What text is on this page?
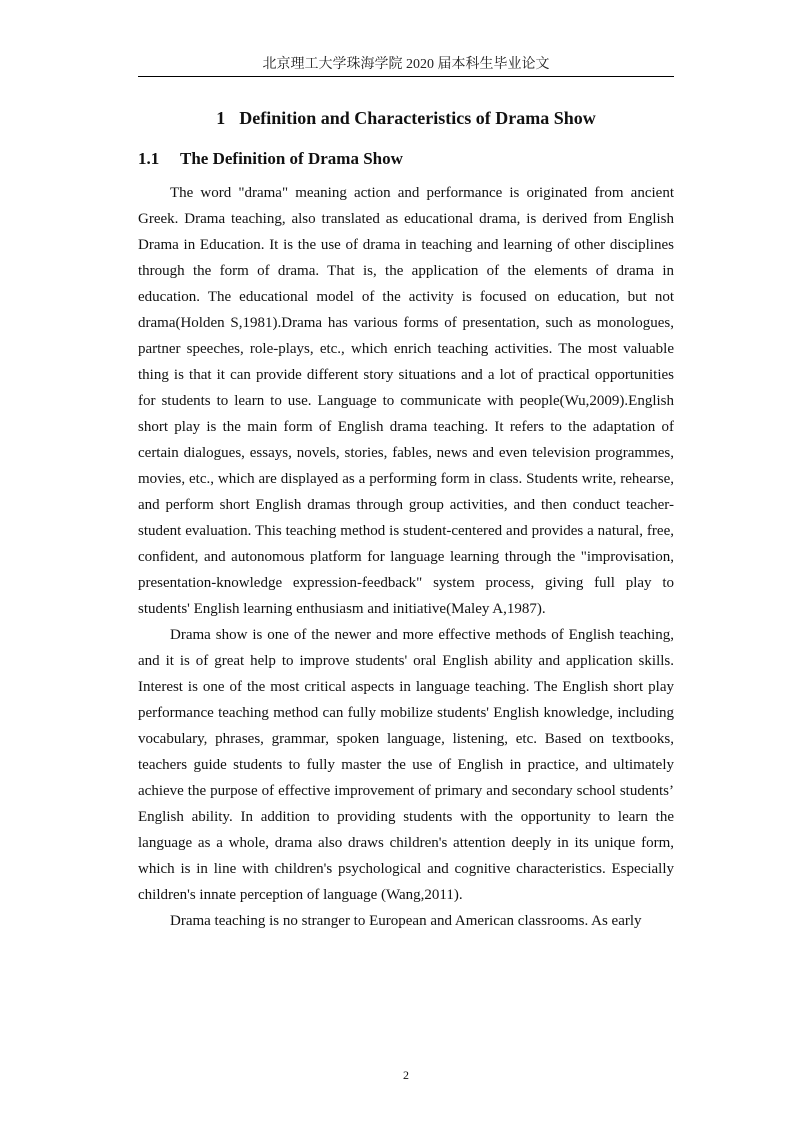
北京理工大学珠海学院 2020 届本科生毕业论文
1 Definition and Characteristics of Drama Show
1.1 The Definition of Drama Show

The word "drama" meaning action and performance is originated from ancient Greek. Drama teaching, also translated as educational drama, is derived from English Drama in Education. It is the use of drama in teaching and learning of other disciplines through the form of drama. That is, the application of the elements of drama in education. The educational model of the activity is focused on education, but not drama(Holden S,1981).Drama has various forms of presentation, such as monologues, partner speeches, role-plays, etc., which enrich teaching activities. The most valuable thing is that it can provide different story situations and a lot of practical opportunities for students to learn to use. Language to communicate with people(Wu,2009).English short play is the main form of English drama teaching. It refers to the adaptation of certain dialogues, essays, novels, stories, fables, news and even television programmes, movies, etc., which are displayed as a performing form in class. Students write, rehearse, and perform short English dramas through group activities, and then conduct teacher-student evaluation. This teaching method is student-centered and provides a natural, free, confident, and autonomous platform for language learning through the "improvisation, presentation-knowledge expression-feedback" system process, giving full play to students' English learning enthusiasm and initiative(Maley A,1987).

Drama show is one of the newer and more effective methods of English teaching, and it is of great help to improve students' oral English ability and application skills. Interest is one of the most critical aspects in language teaching. The English short play performance teaching method can fully mobilize students' English knowledge, including vocabulary, phrases, grammar, spoken language, listening, etc. Based on textbooks, teachers guide students to fully master the use of English in practice, and ultimately achieve the purpose of effective improvement of primary and secondary school students’ English ability. In addition to providing students with the opportunity to learn the language as a whole, drama also draws children's attention deeply in its unique form, which is in line with children's psychological and cognitive characteristics. Especially children's innate perception of language (Wang,2011).

Drama teaching is no stranger to European and American classrooms. As early

2
